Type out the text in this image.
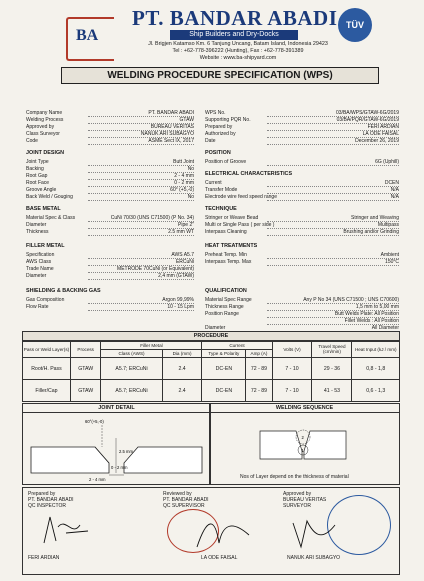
BA
PT. BANDAR ABADI
Ship Builders and Dry-Docks
Jl. Brigjen Katamso Km. 6 Tanjung Uncang, Batam Island, Indonesia 29423
Tel : +62-778-396222 (Hunting), Fax : +62-778-391389
Website : www.ba-shipyard.com
TÜV
WELDING PROCEDURE SPECIFICATION (WPS)
Company Name	PT. BANDAR ABADI
Welding Process	GTAW
Approved by	BUREAU VERITAS
Class Surveyor	NANUK ARI SUBAGYO
Code	ASME Sect IX, 2017
WPS No.	03/BA/WPS/GTAW-6G/2019
Supporting PQR No.	03/BA/PQR/GTAW-6G/2019
Prepared by	FERI ARDIAN
Authorized by	LA ODE FAISAL
Date	December 26, 2019
JOINT DESIGN
Joint Type	Butt Joint
Backing	No
Root Gap	2 - 4 mm
Root Face	0 - 2 mm
Groove Angle	60° (+5,-0)
Back Weld / Gouging	No
POSITION
Position of Groove	6G (Uphill)
ELECTRICAL CHARACTERISTICS
Current	DCEN
Transfer Mode	N/A
Electrode wire feed speed range	N/A
BASE METAL
Material Spec & Class	CuNi 70/30 (UNS C71500) (P No. 34)
Diameter	Pipe 2"
Thickness	2.5 mm WT
TECHNIQUE
Stringer or Weave Bead	Stringer and Weaving
Multi or Single Pass ( per side )	Multipass
Interpass Cleaning	Brushing and/or Grinding
FILLER METAL
Specification	AWS A5.7
AWS Class	ERCuNi
Trade Name	METRODE 70CuNi (or Equivalent)
Diameter	2,4 mm (GTAW)
HEAT TREATMENTS
Preheat Temp. Min	Ambient
Interpass Temp. Max	150°C
SHIELDING & BACKING GAS
Gas Composition	Argon 99,99%
Flow Rate	10 - 15 Lpm
QUALIFICATION
Material Spec Range	Any P No 34 (UNS C71500 ; UNS C70600)
Thickness Range	1,5 mm to 5,00 mm
Position Range	Butt Welds Plate: All Position
Fillet Welds : All Position
Diameter	All Diameter
PROCEDURE
Pass or Weld Layer(s)	Process	Filler Metal		Current		Volts (V)	Travel Speed (cm/min)	Heat Input (kJ / mm)
		Class (AWS)	Dia (mm)	Type & Polarity	Amp (A)			
Root/H. Pass	GTAW	A5.7; ERCuNi	2.4	DC-EN	72 - 89	7 - 10	29 - 36	0,8 - 1,8
Filler/Cap	GTAW	A5.7; ERCuNi	2.4	DC-EN	72 - 89	7 - 10	41 - 53	0,6 - 1,3
JOINT DETAIL
60°(+5,-0)
2.5 mm
0 - 2 mm
2 - 4 mm
WELDING SEQUENCE
2
1
Nos of Layer depend on the thickness of material
Prepared by
PT. BANDAR ABADI
QC INSPECTOR
FERI ARDIAN
Reviewed by
PT. BANDAR ABADI
QC SUPERVISOR
LA ODE FAISAL
Approved by
BUREAU VERITAS
SURVEYOR
NANUK ARI SUBAGYO
